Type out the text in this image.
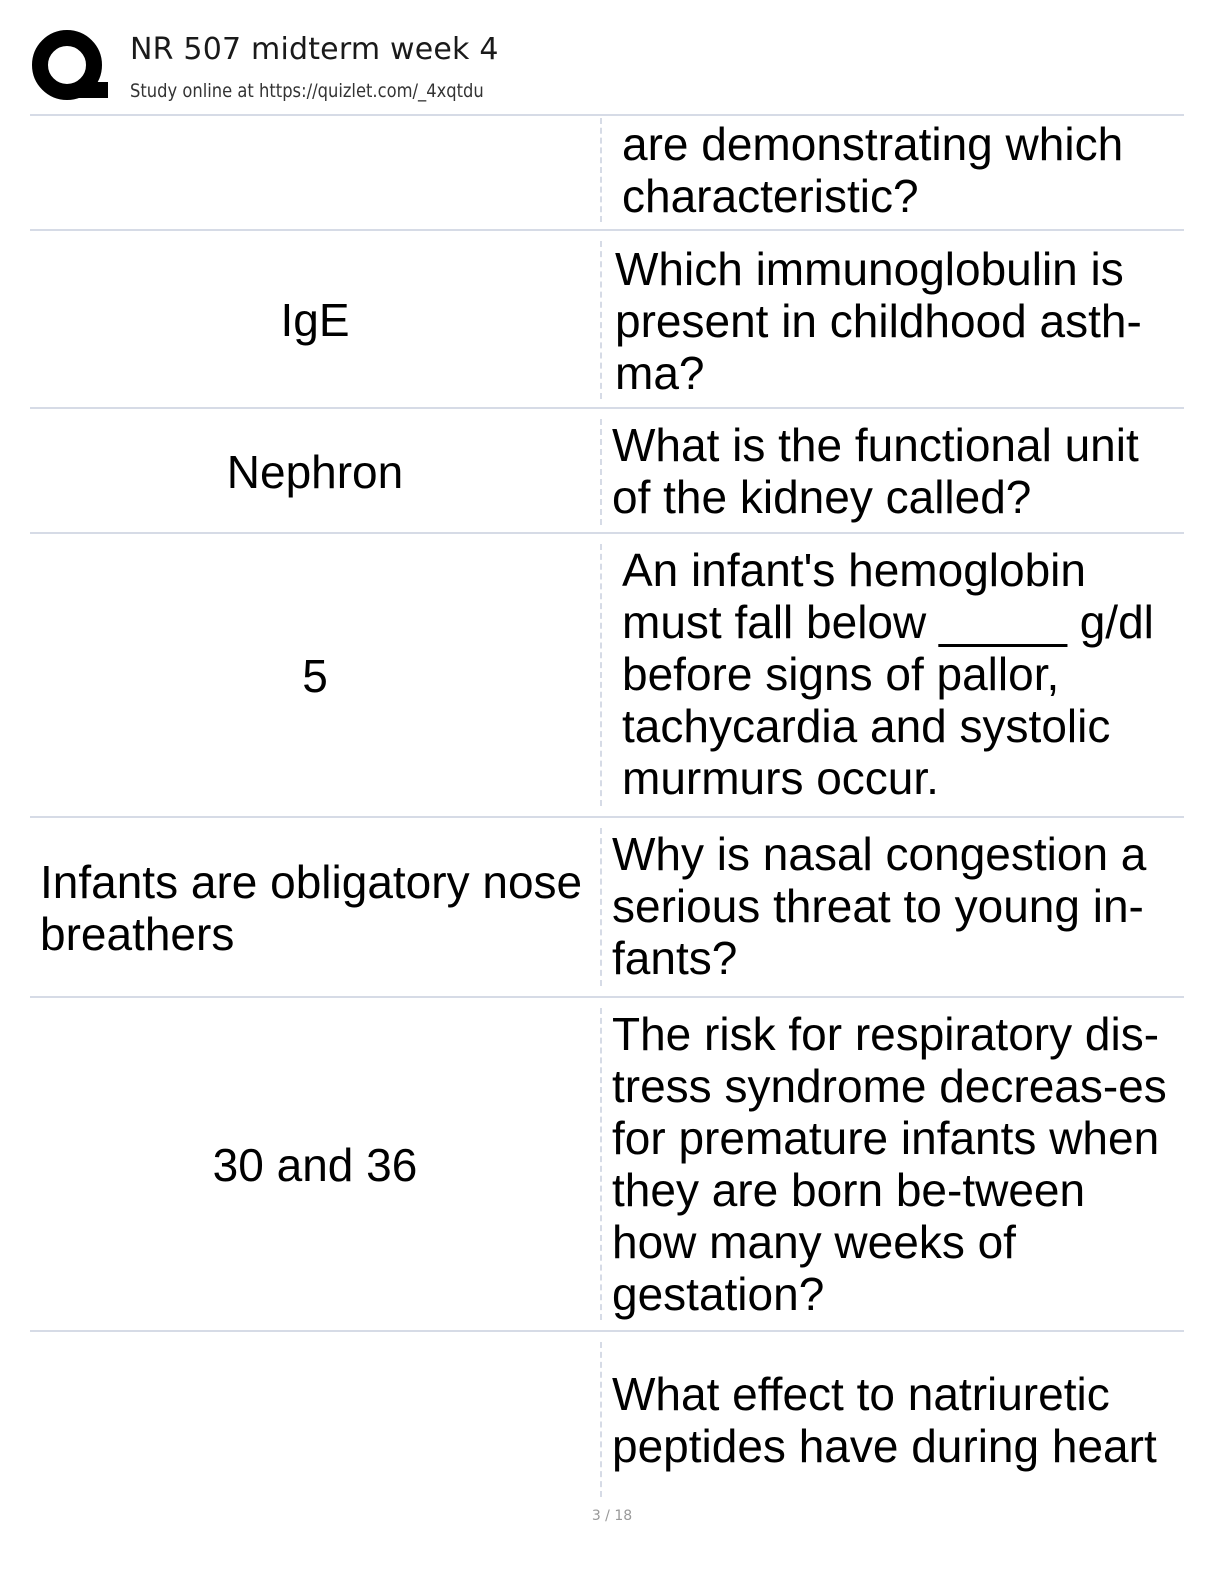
NR 507 midterm week 4
Study online at https://quizlet.com/_4xqtdu
are demonstrating which characteristic?
IgE
Which immunoglobulin is present in childhood asth-ma?
Nephron
What is the functional unit of the kidney called?
5
An infant's hemoglobin must fall below _____ g/dl before signs of pallor, tachycardia and systolic murmurs occur.
Infants are obligatory nose breathers
Why is nasal congestion a serious threat to young in-fants?
30 and 36
The risk for respiratory dis-tress syndrome decreas-es for premature infants when they are born be-tween how many weeks of gestation?
What effect to natriuretic peptides have during heart
3 / 18
